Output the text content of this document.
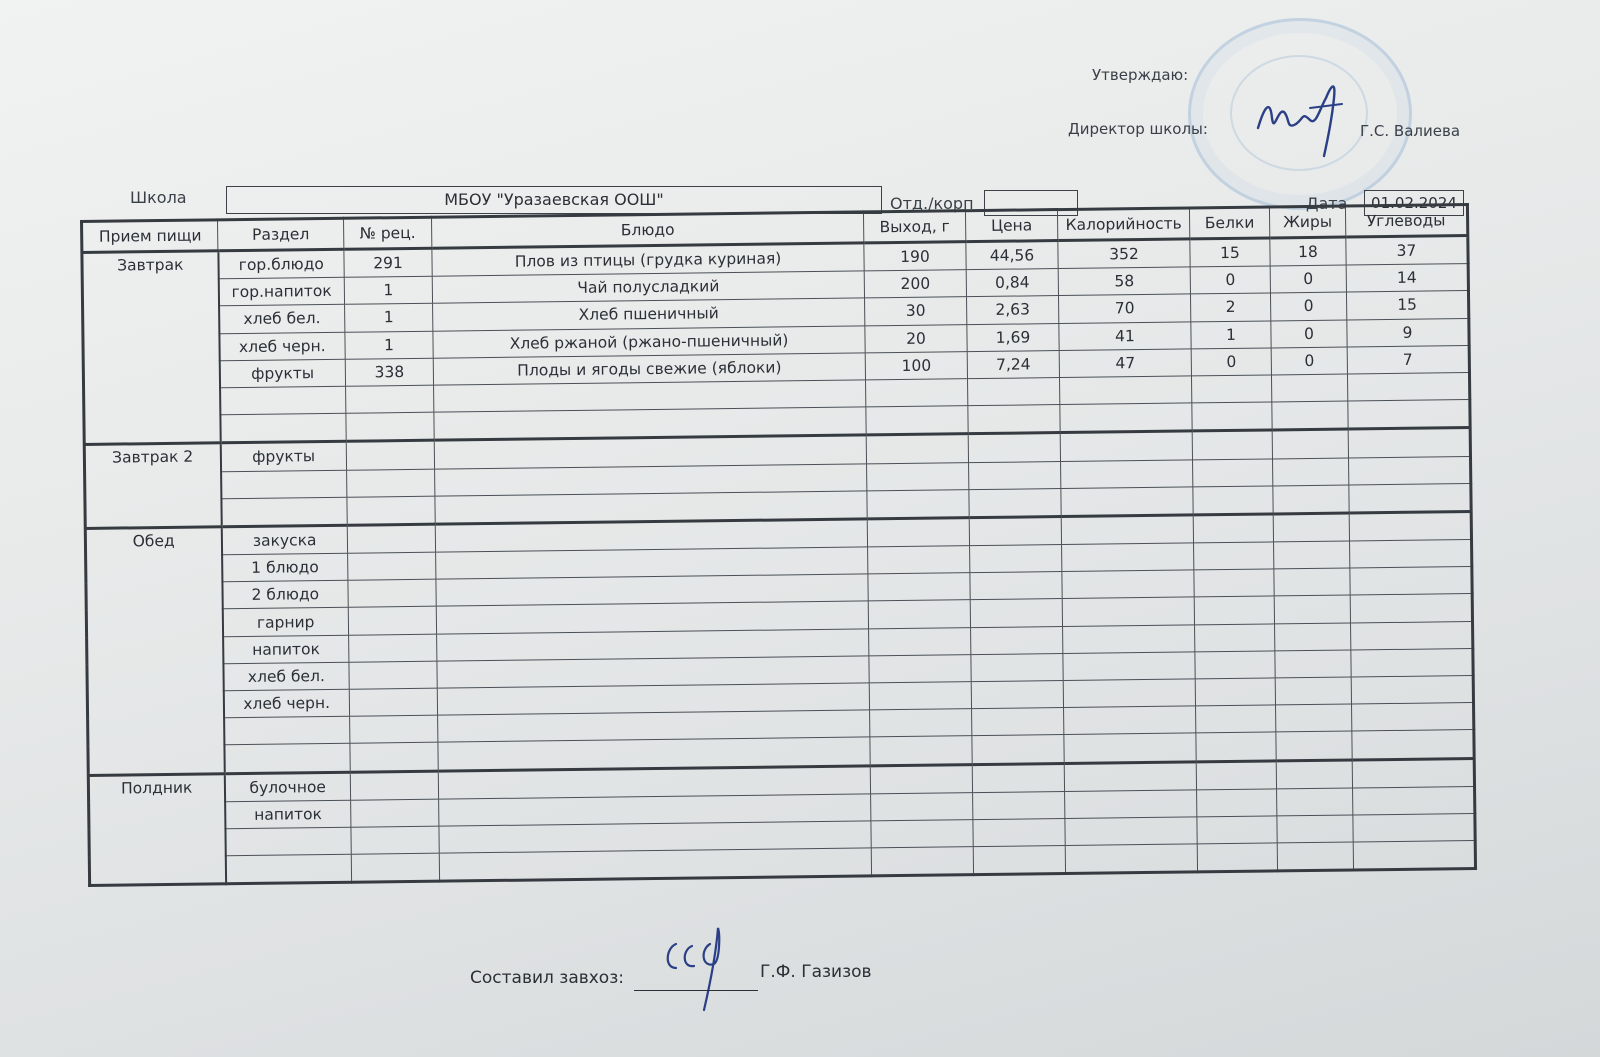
Утверждаю:
Директор школы:	Г.С. Валиева
Школа	МБОУ "Уразаевская ООШ"	Отд./корп	Дата	01.02.2024
Прием пищи	Раздел	№ рец.	Блюдо	Выход, г	Цена	Калорийность	Белки	Жиры	Углеводы
Завтрак	гор.блюдо	291	Плов из птицы (грудка куриная)	190	44,56	352	15	18	37
	гор.напиток	1	Чай полусладкий	200	0,84	58	0	0	14
	хлеб бел.	1	Хлеб пшеничный	30	2,63	70	2	0	15
	хлеб черн.	1	Хлеб ржаной (ржано-пшеничный)	20	1,69	41	1	0	9
	фрукты	338	Плоды и ягоды свежие (яблоки)	100	7,24	47	0	0	7

Завтрак 2	фрукты								

Обед	закуска								
	1 блюдо								
	2 блюдо								
	гарнир								
	напиток								
	хлеб бел.								
	хлеб черн.								

Полдник	булочное								
	напиток								

Составил завхоз:	Г.Ф. Газизов
